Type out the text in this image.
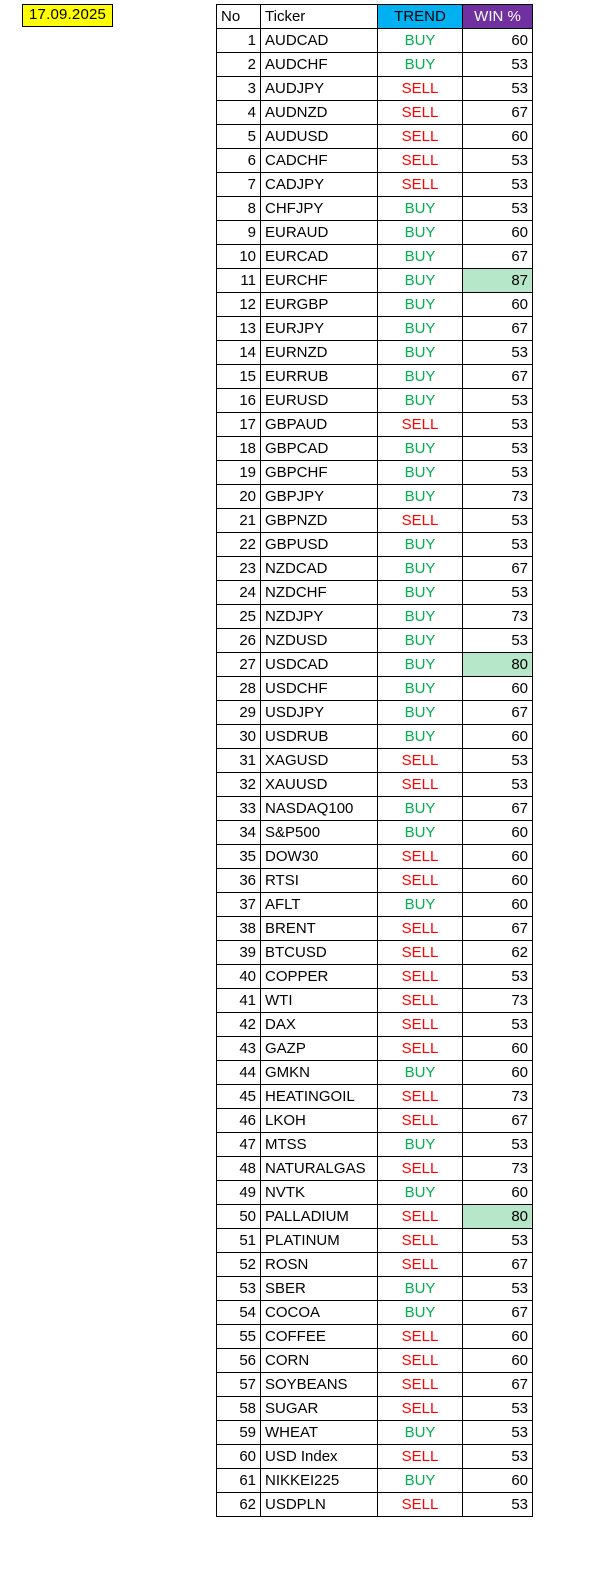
17.09.2025	No	Ticker	TREND	WIN %
1	AUDCAD	BUY	60
2	AUDCHF	BUY	53
3	AUDJPY	SELL	53
4	AUDNZD	SELL	67
5	AUDUSD	SELL	60
6	CADCHF	SELL	53
7	CADJPY	SELL	53
8	CHFJPY	BUY	53
9	EURAUD	BUY	60
10	EURCAD	BUY	67
11	EURCHF	BUY	87
12	EURGBP	BUY	60
13	EURJPY	BUY	67
14	EURNZD	BUY	53
15	EURRUB	BUY	67
16	EURUSD	BUY	53
17	GBPAUD	SELL	53
18	GBPCAD	BUY	53
19	GBPCHF	BUY	53
20	GBPJPY	BUY	73
21	GBPNZD	SELL	53
22	GBPUSD	BUY	53
23	NZDCAD	BUY	67
24	NZDCHF	BUY	53
25	NZDJPY	BUY	73
26	NZDUSD	BUY	53
27	USDCAD	BUY	80
28	USDCHF	BUY	60
29	USDJPY	BUY	67
30	USDRUB	BUY	60
31	XAGUSD	SELL	53
32	XAUUSD	SELL	53
33	NASDAQ100	BUY	67
34	S&P500	BUY	60
35	DOW30	SELL	60
36	RTSI	SELL	60
37	AFLT	BUY	60
38	BRENT	SELL	67
39	BTCUSD	SELL	62
40	COPPER	SELL	53
41	WTI	SELL	73
42	DAX	SELL	53
43	GAZP	SELL	60
44	GMKN	BUY	60
45	HEATINGOIL	SELL	73
46	LKOH	SELL	67
47	MTSS	BUY	53
48	NATURALGAS	SELL	73
49	NVTK	BUY	60
50	PALLADIUM	SELL	80
51	PLATINUM	SELL	53
52	ROSN	SELL	67
53	SBER	BUY	53
54	COCOA	BUY	67
55	COFFEE	SELL	60
56	CORN	SELL	60
57	SOYBEANS	SELL	67
58	SUGAR	SELL	53
59	WHEAT	BUY	53
60	USD Index	SELL	53
61	NIKKEI225	BUY	60
62	USDPLN	SELL	53
